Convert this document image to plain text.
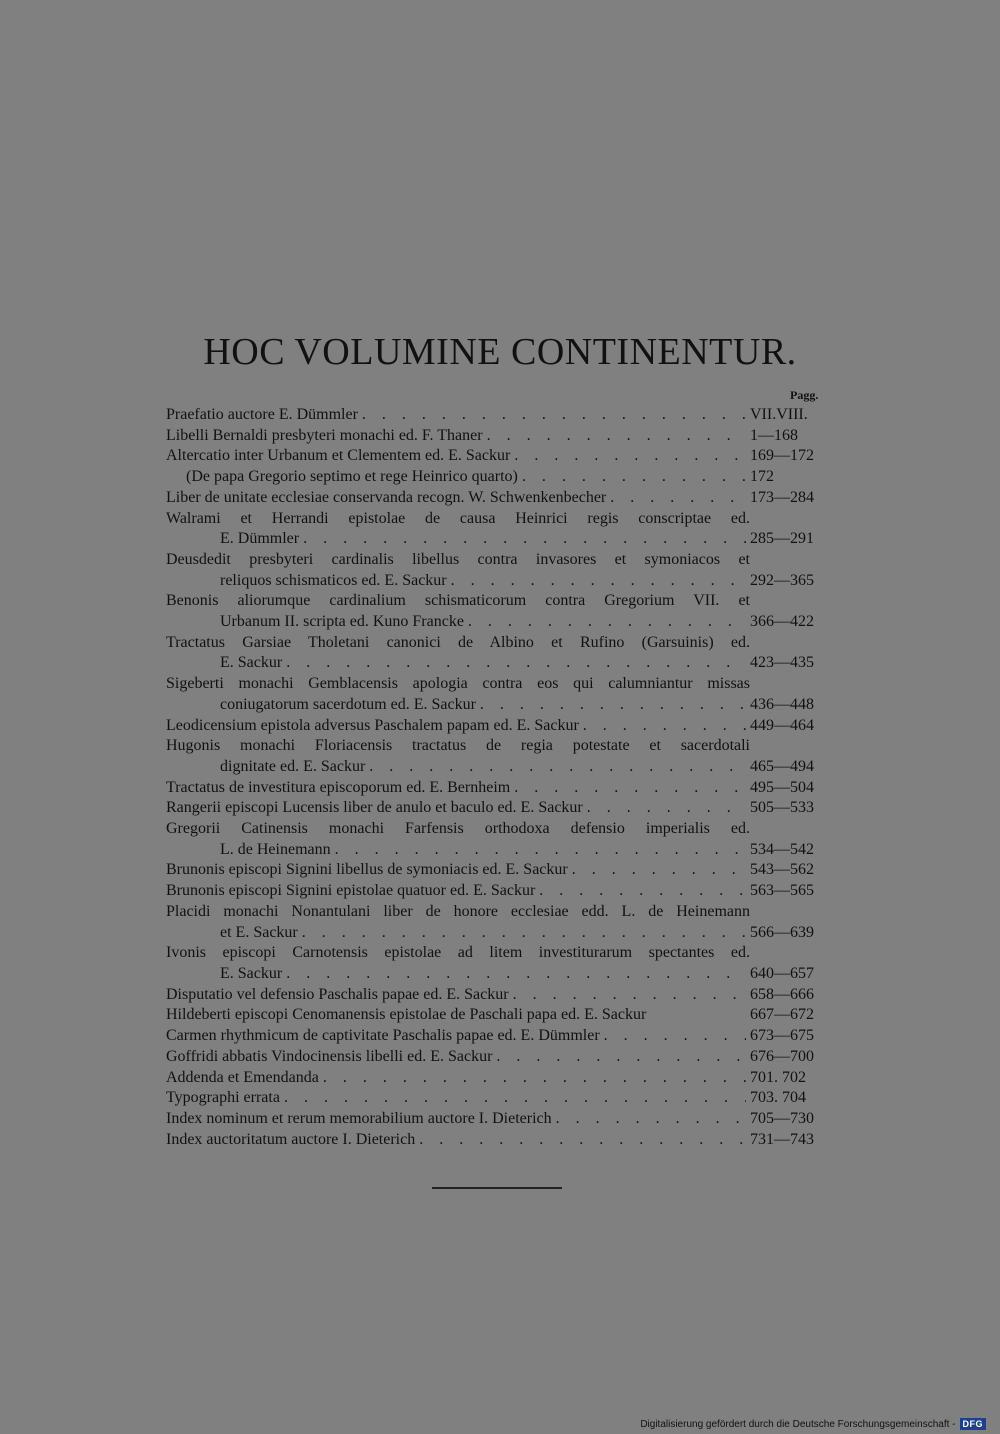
HOC VOLUMINE CONTINENTUR.
Pagg.
Praefatio auctore E. Dümmler . . .	VII.VIII.
Libelli Bernaldi presbyteri monachi ed. F. Thaner . . .	1—168
Altercatio inter Urbanum et Clementem ed. E. Sackur . . .	169—172
(De papa Gregorio septimo et rege Heinrico quarto) . . .	172
Liber de unitate ecclesiae conservanda recogn. W. Schwenkenbecher . . .	173—284
Walrami et Herrandi epistolae de causa Heinrici regis conscriptae ed.
E. Dümmler . . .	285—291
Deusdedit presbyteri cardinalis libellus contra invasores et symoniacos et
reliquos schismaticos ed. E. Sackur . . .	292—365
Benonis aliorumque cardinalium schismaticorum contra Gregorium VII. et
Urbanum II. scripta ed. Kuno Francke . . .	366—422
Tractatus Garsiae Tholetani canonici de Albino et Rufino (Garsuinis) ed.
E. Sackur . . .	423—435
Sigeberti monachi Gemblacensis apologia contra eos qui calumniantur missas
coniugatorum sacerdotum ed. E. Sackur . . .	436—448
Leodicensium epistola adversus Paschalem papam ed. E. Sackur . . .	449—464
Hugonis monachi Floriacensis tractatus de regia potestate et sacerdotali
dignitate ed. E. Sackur . . .	465—494
Tractatus de investitura episcoporum ed. E. Bernheim . . .	495—504
Rangerii episcopi Lucensis liber de anulo et baculo ed. E. Sackur . . .	505—533
Gregorii Catinensis monachi Farfensis orthodoxa defensio imperialis ed.
L. de Heinemann . . .	534—542
Brunonis episcopi Signini libellus de symoniacis ed. E. Sackur . . .	543—562
Brunonis episcopi Signini epistolae quatuor ed. E. Sackur . . .	563—565
Placidi monachi Nonantulani liber de honore ecclesiae edd. L. de Heinemann
et E. Sackur . . .	566—639
Ivonis episcopi Carnotensis epistolae ad litem investiturarum spectantes ed.
E. Sackur . . .	640—657
Disputatio vel defensio Paschalis papae ed. E. Sackur . . .	658—666
Hildeberti episcopi Cenomanensis epistolae de Paschali papa ed. E. Sackur	667—672
Carmen rhythmicum de captivitate Paschalis papae ed. E. Dümmler . . .	673—675
Goffridi abbatis Vindocinensis libelli ed. E. Sackur . . .	676—700
Addenda et Emendanda . . .	701. 702
Typographi errata . . .	703. 704
Index nominum et rerum memorabilium auctore I. Dieterich . . .	705—730
Index auctoritatum auctore I. Dieterich . . .	731—743
Digitalisierung gefördert durch die Deutsche Forschungsgemeinschaft - DFG
